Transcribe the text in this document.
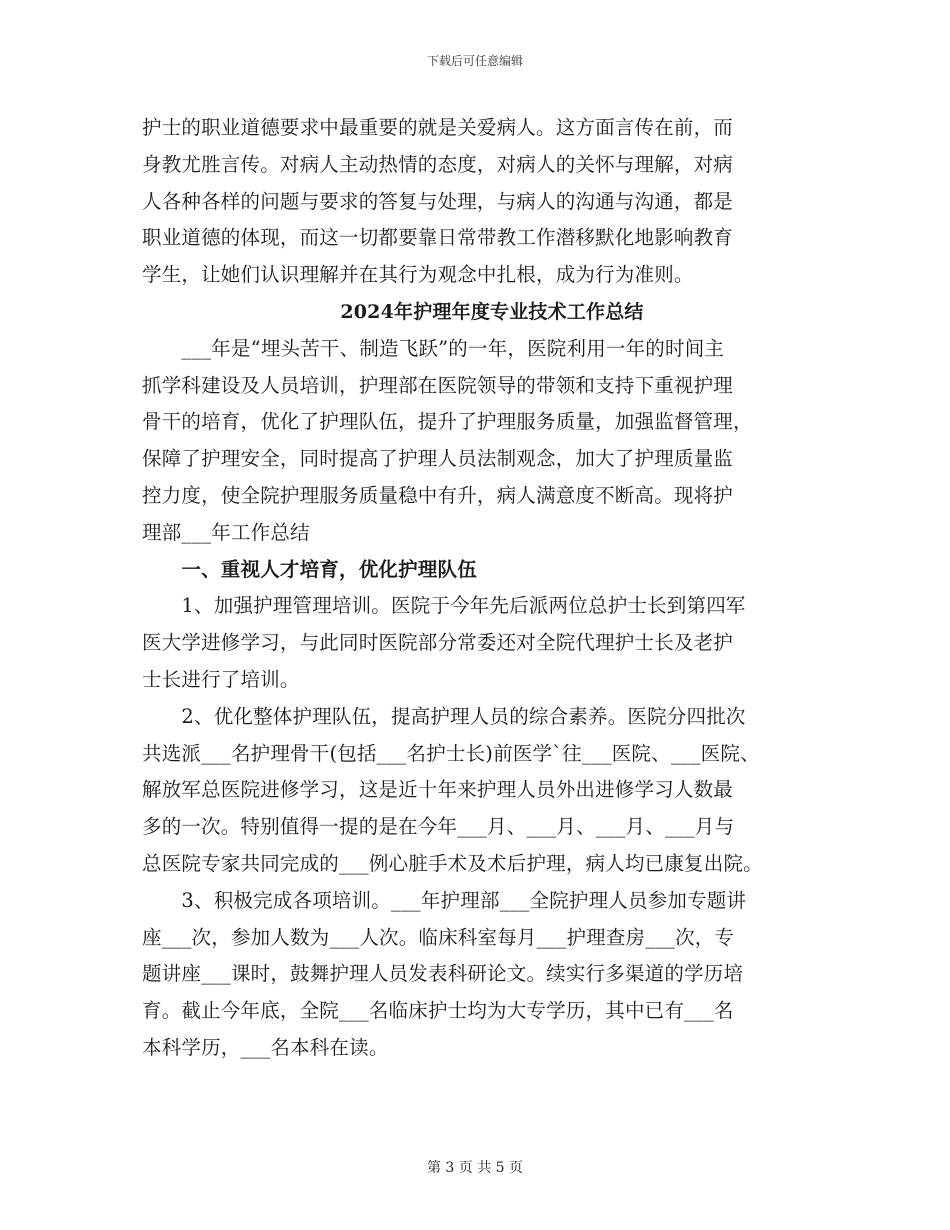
下载后可任意编辑
护士的职业道德要求中最重要的就是关爱病人。这方面言传在前，而
身教尤胜言传。对病人主动热情的态度，对病人的关怀与理解，对病
人各种各样的问题与要求的答复与处理，与病人的沟通与沟通，都是
职业道德的体现，而这一切都要靠日常带教工作潜移默化地影响教育
学生，让她们认识理解并在其行为观念中扎根，成为行为准则。
2024年护理年度专业技术工作总结
　　___年是“埋头苦干、制造飞跃”的一年，医院利用一年的时间主
抓学科建设及人员培训，护理部在医院领导的带领和支持下重视护理
骨干的培育，优化了护理队伍，提升了护理服务质量，加强监督管理，
保障了护理安全，同时提高了护理人员法制观念，加大了护理质量监
控力度，使全院护理服务质量稳中有升，病人满意度不断高。现将护
理部___年工作总结
　　一、重视人才培育，优化护理队伍
　　1、加强护理管理培训。医院于今年先后派两位总护士长到第四军
医大学进修学习，与此同时医院部分常委还对全院代理护士长及老护
士长进行了培训。
　　2、优化整体护理队伍，提高护理人员的综合素养。医院分四批次
共选派___名护理骨干(包括___名护士长)前医学`往___医院、___医院、
解放军总医院进修学习，这是近十年来护理人员外出进修学习人数最
多的一次。特别值得一提的是在今年___月、___月、___月、___月与
总医院专家共同完成的___例心脏手术及术后护理，病人均已康复出院。
　　3、积极完成各项培训。___年护理部___全院护理人员参加专题讲
座___次，参加人数为___人次。临床科室每月___护理查房___次，专
题讲座___课时，鼓舞护理人员发表科研论文。续实行多渠道的学历培
育。截止今年底，全院___名临床护士均为大专学历，其中已有___名
本科学历，___名本科在读。
第 3 页 共 5 页
